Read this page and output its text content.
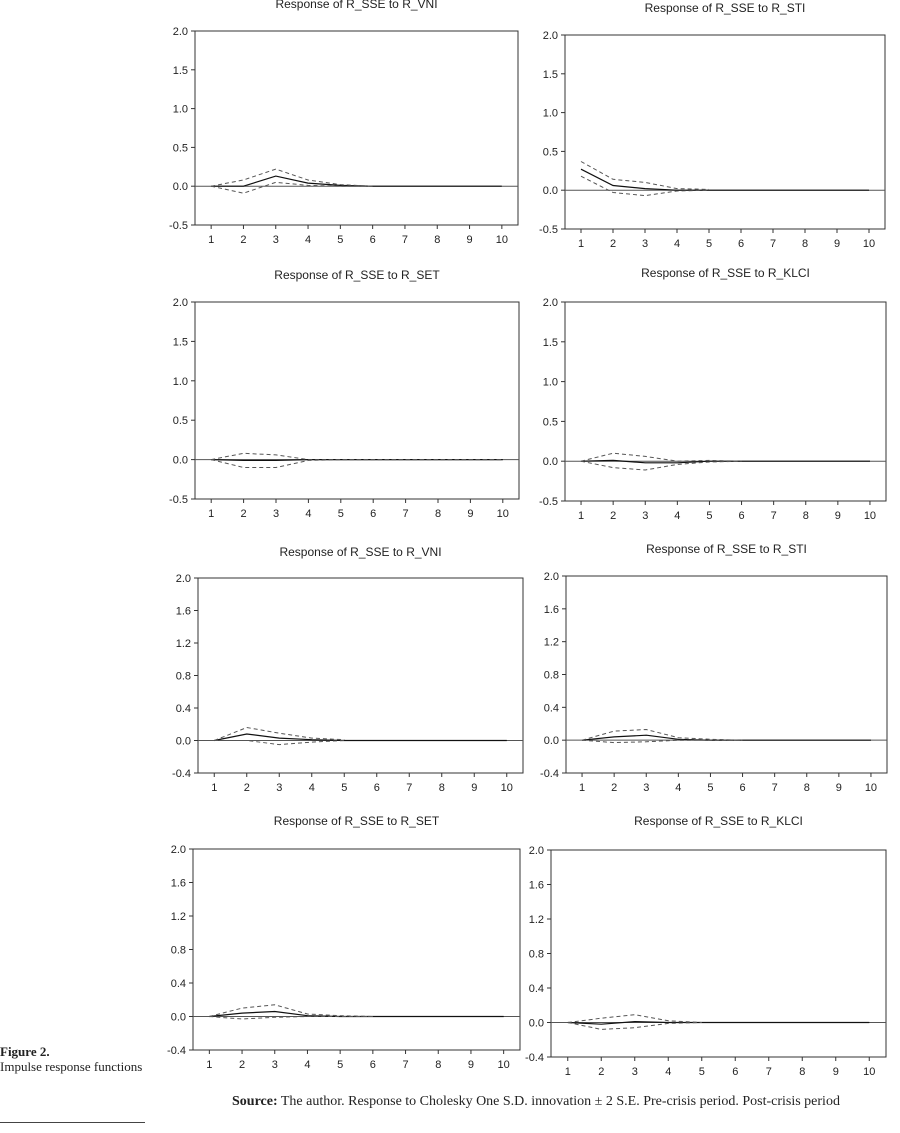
Response of R_SSE to R_VNI
-0.5
0.0
0.5
1.0
1.5
2.0
1 2 3 4 5 6 7 8 9 10
Response of R_SSE to R_STI
-0.5
0.0
0.5
1.0
1.5
2.0
1 2 3 4 5 6 7 8 9 10
Response of R_SSE to R_SET
-0.5
0.0
0.5
1.0
1.5
2.0
1 2 3 4 5 6 7 8 9 10
Response of R_SSE to R_KLCI
-0.5
0.0
0.5
1.0
1.5
2.0
1 2 3 4 5 6 7 8 9 10
Response of R_SSE to R_VNI
-0.4
0.0
0.4
0.8
1.2
1.6
2.0
1 2 3 4 5 6 7 8 9 10
Response of R_SSE to R_STI
-0.4
0.0
0.4
0.8
1.2
1.6
2.0
1 2 3 4 5 6 7 8 9 10
Response of R_SSE to R_SET
-0.4
0.0
0.4
0.8
1.2
1.6
2.0
1 2 3 4 5 6 7 8 9 10
Response of R_SSE to R_KLCI
-0.4
0.0
0.4
0.8
1.2
1.6
2.0
1 2 3 4 5 6 7 8 9 10
Figure 2.
Impulse response functions
Source: The author. Response to Cholesky One S.D. innovation ± 2 S.E. Pre-crisis period. Post-crisis period
